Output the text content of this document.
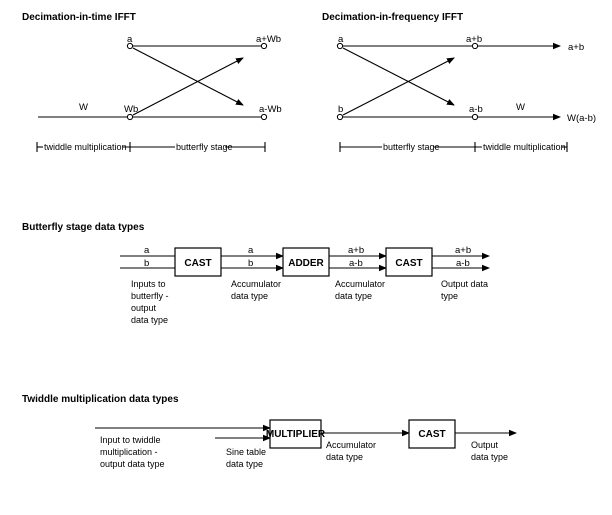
Decimation-in-time IFFT
a
W	Wb
a+Wb
a-Wb
twiddle multiplication	butterfly stage
Decimation-in-frequency IFFT
a
b
a+b
a-b
a+b
W
W(a-b)
butterfly stage	twiddle multiplication
Butterfly stage data types
a
b	CAST
a
b	ADDER
a+b
a-b	CAST
a+b
a-b
Inputs to butterfly - output data type
Accumulator data type
Accumulator data type
Output data type
Twiddle multiplication data types
MULTIPLIER	CAST
Input to twiddle multiplication - output data type
Sine table data type
Accumulator data type
Output data type
